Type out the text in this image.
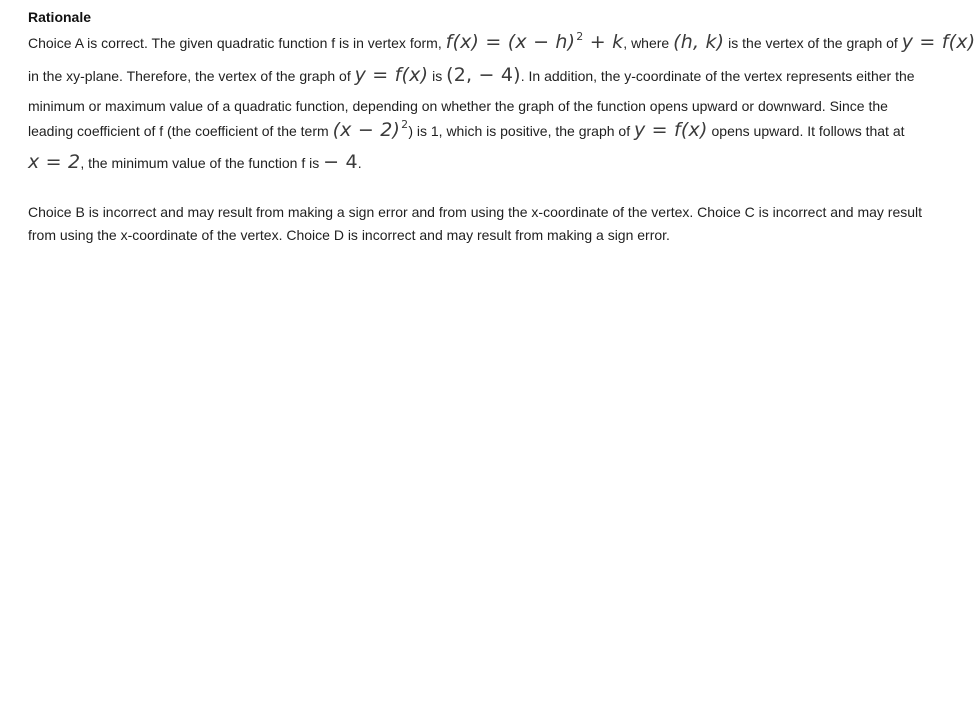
Rationale
Choice A is correct. The given quadratic function f is in vertex form, $f(x) = (x - h)^2 + k$, where (h, k) is the vertex of the graph of y = f(x)
in the xy-plane. Therefore, the vertex of the graph of y = f(x) is (2, − 4). In addition, the y-coordinate of the vertex represents either the
minimum or maximum value of a quadratic function, depending on whether the graph of the function opens upward or downward. Since the
leading coefficient of f (the coefficient of the term $(x - 2)^2$) is 1, which is positive, the graph of y = f(x) opens upward. It follows that at
x = 2, the minimum value of the function f is − 4.
Choice B is incorrect and may result from making a sign error and from using the x-coordinate of the vertex. Choice C is incorrect and may result
from using the x-coordinate of the vertex. Choice D is incorrect and may result from making a sign error.
